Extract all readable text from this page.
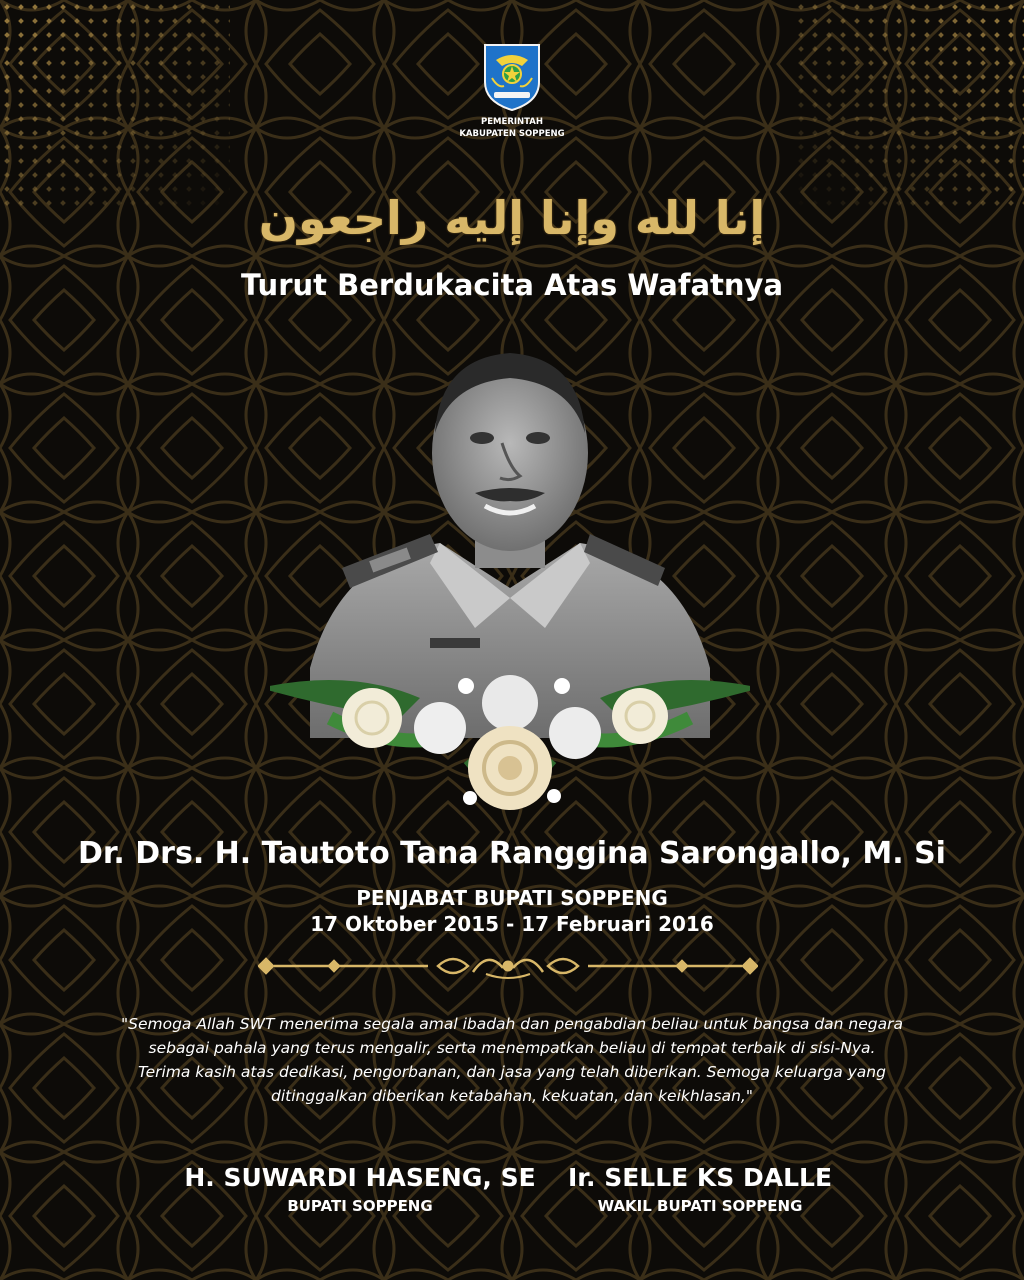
PEMERINTAH
KABUPATEN SOPPENG
إنا لله وإنا إليه راجعون
Turut Berdukacita Atas Wafatnya
Dr. Drs. H. Tautoto Tana Ranggina Sarongallo, M. Si
PENJABAT BUPATI SOPPENG
17 Oktober 2015 - 17 Februari 2016
"Semoga Allah SWT menerima segala amal ibadah dan pengabdian beliau untuk bangsa dan negara
sebagai pahala yang terus mengalir, serta menempatkan beliau di tempat terbaik di sisi-Nya.
Terima kasih atas dedikasi, pengorbanan, dan jasa yang telah diberikan. Semoga keluarga yang
ditinggalkan diberikan ketabahan, kekuatan, dan keikhlasan,"
H. SUWARDI HASENG, SE
BUPATI SOPPENG
Ir. SELLE KS DALLE
WAKIL BUPATI SOPPENG
